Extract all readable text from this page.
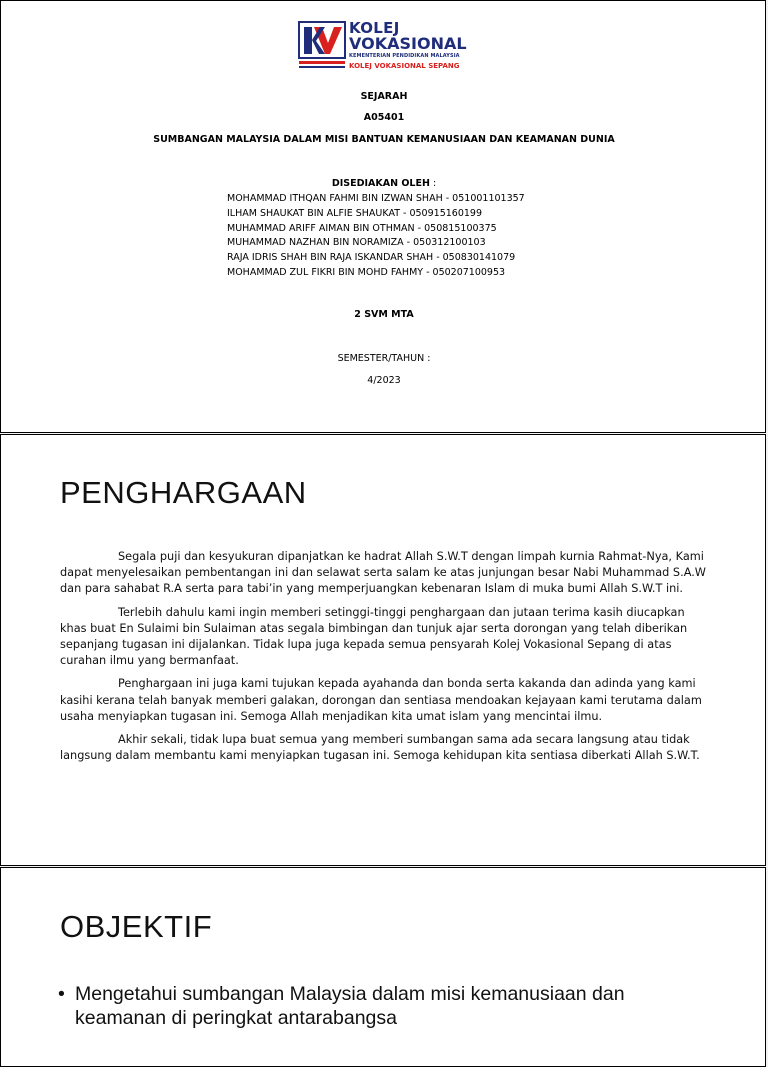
KOLEJ
VOKASIONAL
KEMENTERIAN PENDIDIKAN MALAYSIA
KOLEJ VOKASIONAL SEPANG
SEJARAH
A05401
SUMBANGAN MALAYSIA DALAM MISI BANTUAN KEMANUSIAAN DAN KEAMANAN DUNIA
DISEDIAKAN OLEH :
MOHAMMAD ITHQAN FAHMI BIN IZWAN SHAH - 051001101357
ILHAM SHAUKAT BIN ALFIE SHAUKAT - 050915160199
MUHAMMAD ARIFF AIMAN BIN OTHMAN - 050815100375
MUHAMMAD NAZHAN BIN NORAMIZA - 050312100103
RAJA IDRIS SHAH BIN RAJA ISKANDAR SHAH - 050830141079
MOHAMMAD ZUL FIKRI BIN MOHD FAHMY - 050207100953
2 SVM MTA
SEMESTER/TAHUN :
4/2023
PENGHARGAAN

Segala puji dan kesyukuran dipanjatkan ke hadrat Allah S.W.T dengan limpah kurnia Rahmat-Nya, Kami dapat menyelesaikan pembentangan ini dan selawat serta salam ke atas junjungan besar Nabi Muhammad S.A.W dan para sahabat R.A serta para tabi’in yang memperjuangkan kebenaran Islam di muka bumi Allah S.W.T ini.

Terlebih dahulu kami ingin memberi setinggi-tinggi penghargaan dan jutaan terima kasih diucapkan khas buat En Sulaimi bin Sulaiman atas segala bimbingan dan tunjuk ajar serta dorongan yang telah diberikan sepanjang tugasan ini dijalankan. Tidak lupa juga kepada semua pensyarah Kolej Vokasional Sepang di atas curahan ilmu yang bermanfaat.

Penghargaan ini juga kami tujukan kepada ayahanda dan bonda serta kakanda dan adinda yang kami kasihi kerana telah banyak memberi galakan, dorongan dan sentiasa mendoakan kejayaan kami terutama dalam usaha menyiapkan tugasan ini. Semoga Allah menjadikan kita umat islam yang mencintai ilmu.

Akhir sekali, tidak lupa buat semua yang memberi sumbangan sama ada secara langsung atau tidak langsung dalam membantu kami menyiapkan tugasan ini. Semoga kehidupan kita sentiasa diberkati Allah S.W.T.

OBJEKTIF
• Mengetahui sumbangan Malaysia dalam misi kemanusiaan dan keamanan di peringkat antarabangsa
